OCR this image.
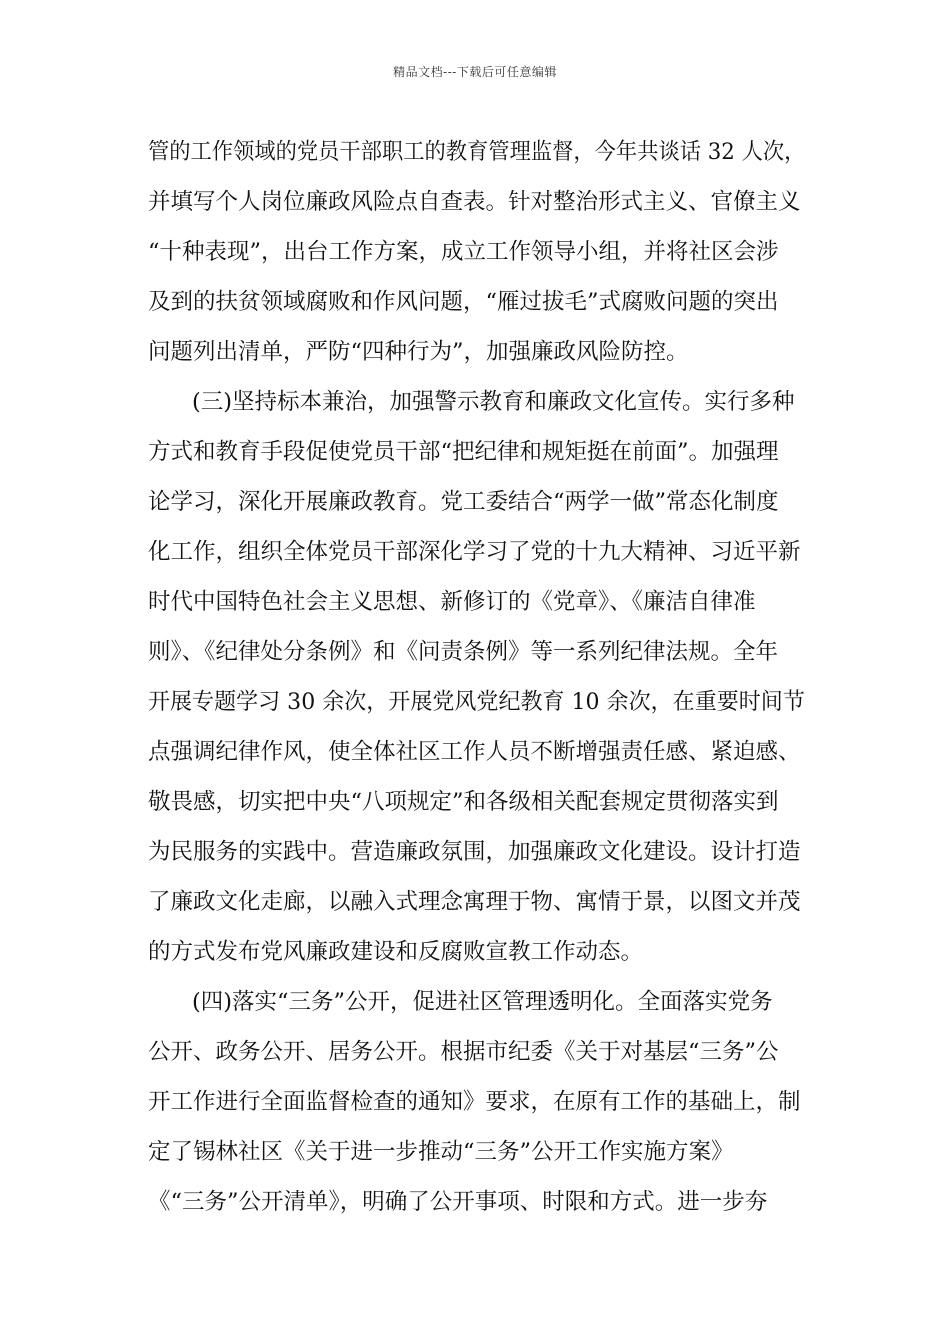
精品文档---下载后可任意编辑
管的工作领域的党员干部职工的教育管理监督，今年共谈话 32 人次，
并填写个人岗位廉政风险点自查表。针对整治形式主义、官僚主义
“十种表现”，出台工作方案，成立工作领导小组，并将社区会涉
及到的扶贫领域腐败和作风问题，“雁过拔毛”式腐败问题的突出
问题列出清单，严防“四种行为”，加强廉政风险防控。
(三)坚持标本兼治，加强警示教育和廉政文化宣传。实行多种
方式和教育手段促使党员干部“把纪律和规矩挺在前面”。加强理
论学习，深化开展廉政教育。党工委结合“两学一做”常态化制度
化工作，组织全体党员干部深化学习了党的十九大精神、习近平新
时代中国特色社会主义思想、新修订的《党章》、《廉洁自律准
则》、《纪律处分条例》和《问责条例》等一系列纪律法规。全年
开展专题学习 30 余次，开展党风党纪教育 10 余次，在重要时间节
点强调纪律作风，使全体社区工作人员不断增强责任感、紧迫感、
敬畏感，切实把中央“八项规定”和各级相关配套规定贯彻落实到
为民服务的实践中。营造廉政氛围，加强廉政文化建设。设计打造
了廉政文化走廊，以融入式理念寓理于物、寓情于景，以图文并茂
的方式发布党风廉政建设和反腐败宣教工作动态。
(四)落实“三务”公开，促进社区管理透明化。全面落实党务
公开、政务公开、居务公开。根据市纪委《关于对基层“三务”公
开工作进行全面监督检查的通知》要求，在原有工作的基础上，制
定了锡林社区《关于进一步推动“三务”公开工作实施方案》
《“三务”公开清单》，明确了公开事项、时限和方式。进一步夯
